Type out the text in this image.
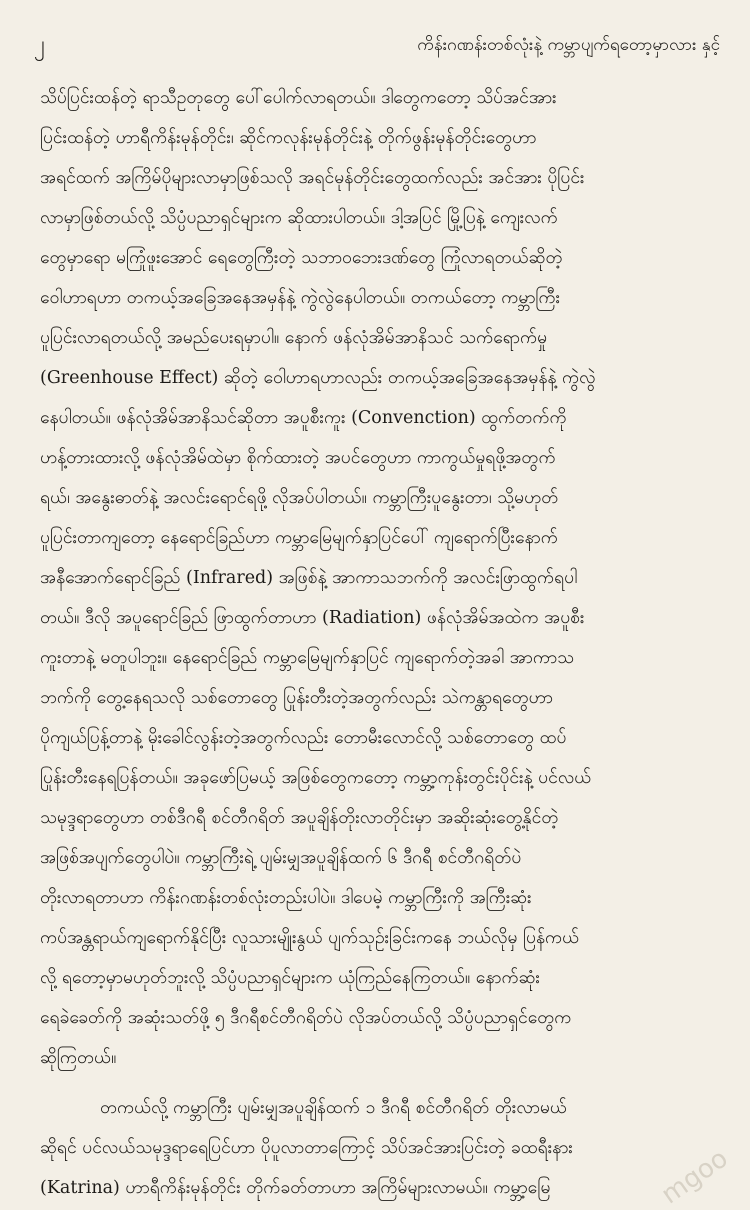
၂	ကိန်းဂဏန်းတစ်လုံးနဲ့ ကမ္ဘာပျက်ရတော့မှာလား နှင့်

သိပ်ပြင်းထန်တဲ့ ရာသီဥတုတွေ ပေါ်ပေါက်လာရတယ်။ ဒါတွေကတော့ သိပ်အင်အား
ပြင်းထန်တဲ့ ဟာရီကိန်းမုန်တိုင်း၊ ဆိုင်ကလုန်းမုန်တိုင်းနဲ့ တိုက်ဖွန်းမုန်တိုင်းတွေဟာ
အရင်ထက် အကြိမ်ပိုများလာမှာဖြစ်သလို အရင်မုန်တိုင်းတွေထက်လည်း အင်အား ပိုပြင်း
လာမှာဖြစ်တယ်လို့ သိပ္ပံပညာရှင်များက ဆိုထားပါတယ်။ ဒါ့အပြင် မြို့ပြနဲ့ ကျေးလက်
တွေမှာရော မကြုံဖူးအောင် ရေတွေကြီးတဲ့ သဘာဝဘေးဒဏ်တွေ ကြုံလာရတယ်ဆိုတဲ့
ဝေါဟာရဟာ တကယ့်အခြေအနေအမှန်နဲ့ ကွဲလွဲနေပါတယ်။ တကယ်တော့ ကမ္ဘာကြီး
ပူပြင်းလာရတယ်လို့ အမည်ပေးရမှာပါ။ နောက် ဖန်လုံအိမ်အာနိသင် သက်ရောက်မှု
(Greenhouse Effect) ဆိုတဲ့ ဝေါဟာရဟာလည်း တကယ့်အခြေအနေအမှန်နဲ့ ကွဲလွဲ
နေပါတယ်။ ဖန်လုံအိမ်အာနိသင်ဆိုတာ အပူစီးကူး (Convenction) ထွက်တက်ကို
ဟန့်တားထားလို့ ဖန်လုံအိမ်ထဲမှာ စိုက်ထားတဲ့ အပင်တွေဟာ ကာကွယ်မှုရဖို့အတွက်
ရယ်၊ အနွေးဓာတ်နဲ့ အလင်းရောင်ရဖို့ လိုအပ်ပါတယ်။ ကမ္ဘာကြီးပူနွေးတာ၊ သို့မဟုတ်
ပူပြင်းတာကျတော့ နေရောင်ခြည်ဟာ ကမ္ဘာမြေမျက်နှာပြင်ပေါ် ကျရောက်ပြီးနောက်
အနီအောက်ရောင်ခြည် (Infrared) အဖြစ်နဲ့ အာကာသဘက်ကို အလင်းဖြာထွက်ရပါ
တယ်။ ဒီလို အပူရောင်ခြည် ဖြာထွက်တာဟာ (Radiation) ဖန်လုံအိမ်အထဲက အပူစီး
ကူးတာနဲ့ မတူပါဘူး။ နေရောင်ခြည် ကမ္ဘာမြေမျက်နှာပြင် ကျရောက်တဲ့အခါ အာကာသ
ဘက်ကို တွေ့နေရသလို သစ်တောတွေ ပြုန်းတီးတဲ့အတွက်လည်း သဲကန္တာရတွေဟာ
ပိုကျယ်ပြန့်တာနဲ့ မိုးခေါင်လွန်းတဲ့အတွက်လည်း တောမီးလောင်လို့ သစ်တောတွေ ထပ်
ပြုန်းတီးနေရပြန်တယ်။ အခုဖော်ပြမယ့် အဖြစ်တွေကတော့ ကမ္ဘာ့ကုန်းတွင်းပိုင်းနဲ့ ပင်လယ်
သမုဒ္ဒရာတွေဟာ တစ်ဒီဂရီ စင်တီဂရိတ် အပူချိန်တိုးလာတိုင်းမှာ အဆိုးဆုံးတွေ့နိုင်တဲ့
အဖြစ်အပျက်တွေပါပဲ။ ကမ္ဘာကြီးရဲ့ ပျမ်းမျှအပူချိန်ထက် ၆ ဒီဂရီ စင်တီဂရိတ်ပဲ
တိုးလာရတာဟာ ကိန်းဂဏန်းတစ်လုံးတည်းပါပဲ။ ဒါပေမဲ့ ကမ္ဘာကြီးကို အကြီးဆုံး
ကပ်အန္တရာယ်ကျရောက်နိုင်ပြီး လူသားမျိုးနွယ် ပျက်သုဉ်းခြင်းကနေ ဘယ်လိုမှ ပြန်ကယ်
လို့ ရတော့မှာမဟုတ်ဘူးလို့ သိပ္ပံပညာရှင်များက ယုံကြည်နေကြတယ်။ နောက်ဆုံး
ရေခဲခေတ်ကို အဆုံးသတ်ဖို့ ၅ ဒီဂရီစင်တီဂရိတ်ပဲ လိုအပ်တယ်လို့ သိပ္ပံပညာရှင်တွေက
ဆိုကြတယ်။

တကယ်လို့ ကမ္ဘာကြီး ပျမ်းမျှအပူချိန်ထက် ၁ ဒီဂရီ စင်တီဂရိတ် တိုးလာမယ်
ဆိုရင် ပင်လယ်သမုဒ္ဒရာရေပြင်ဟာ ပိုပူလာတာကြောင့် သိပ်အင်အားပြင်းတဲ့ ခထရီးနား
(Katrina) ဟာရီကိန်းမုန်တိုင်း တိုက်ခတ်တာဟာ အကြိမ်များလာမယ်။ ကမ္ဘာ့မြေ	mgoo
